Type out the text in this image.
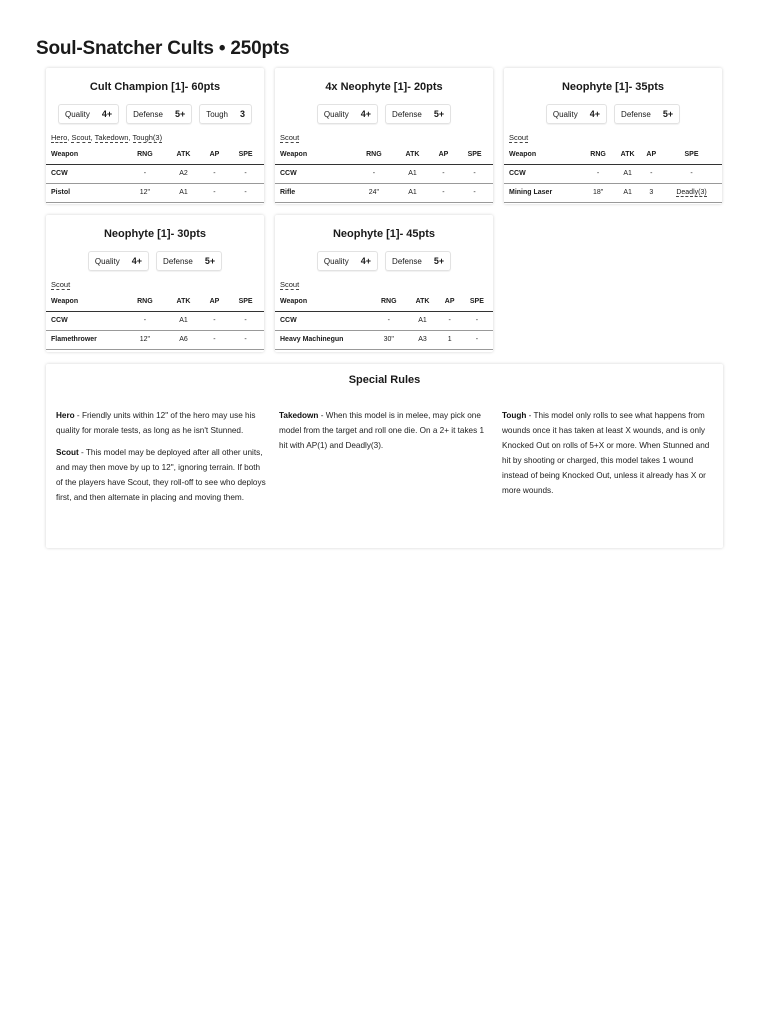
Soul-Snatcher Cults • 250pts
Cult Champion [1]- 60pts
Quality 4+	Defense 5+	Tough 3
Hero, Scout, Takedown, Tough(3)
Weapon	RNG	ATK	AP	SPE
CCW	-	A2	-	-
Pistol	12"	A1	-	-
4x Neophyte [1]- 20pts
Quality 4+	Defense 5+
Scout
Weapon	RNG	ATK	AP	SPE
CCW	-	A1	-	-
Rifle	24"	A1	-	-
Neophyte [1]- 35pts
Quality 4+	Defense 5+
Scout
Weapon	RNG	ATK	AP	SPE
CCW	-	A1	-	-
Mining Laser	18"	A1	3	Deadly(3)
Neophyte [1]- 30pts
Quality 4+	Defense 5+
Scout
Weapon	RNG	ATK	AP	SPE
CCW	-	A1	-	-
Flamethrower	12"	A6	-	-
Neophyte [1]- 45pts
Quality 4+	Defense 5+
Scout
Weapon	RNG	ATK	AP	SPE
CCW	-	A1	-	-
Heavy Machinegun	30"	A3	1	-
Special Rules

Hero - Friendly units within 12" of the hero may use his quality for morale tests, as long as he isn't Stunned.

Scout - This model may be deployed after all other units, and may then move by up to 12", ignoring terrain. If both of the players have Scout, they roll-off to see who deploys first, and then alternate in placing and moving them.

Takedown - When this model is in melee, may pick one model from the target and roll one die. On a 2+ it takes 1 hit with AP(1) and Deadly(3).

Tough - This model only rolls to see what happens from wounds once it has taken at least X wounds, and is only Knocked Out on rolls of 5+X or more. When Stunned and hit by shooting or charged, this model takes 1 wound instead of being Knocked Out, unless it already has X or more wounds.
